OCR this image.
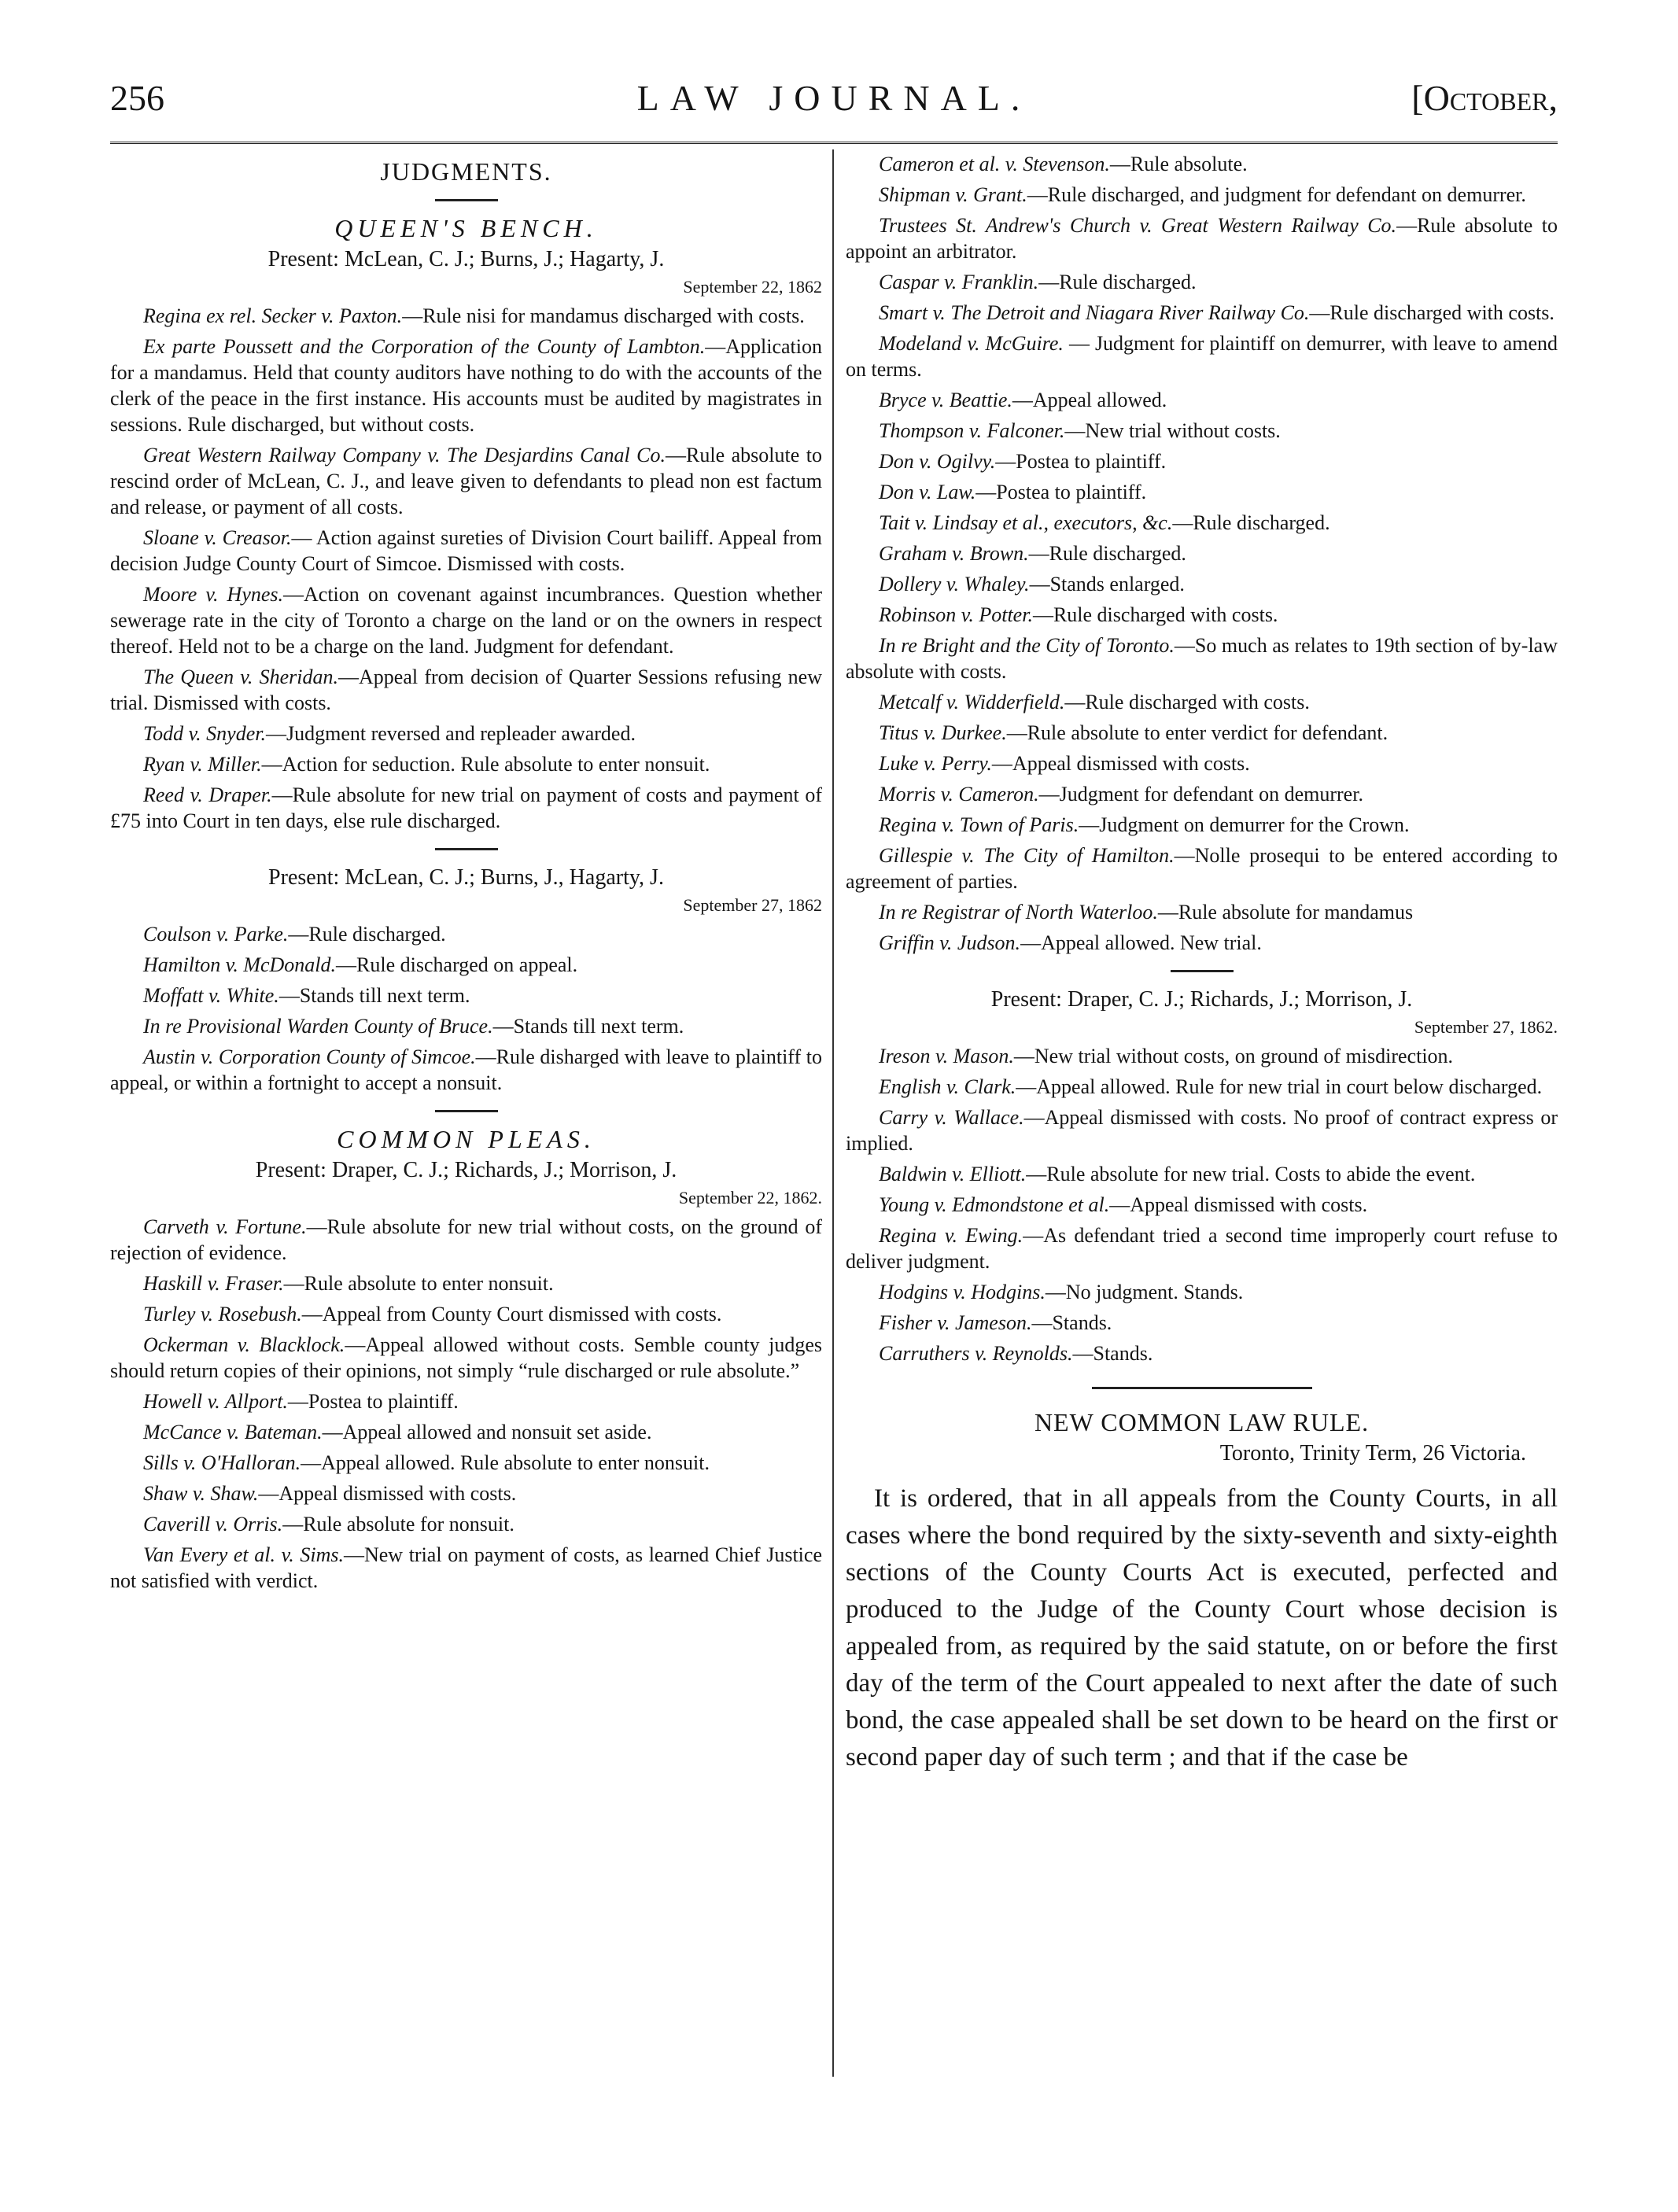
256	LAW JOURNAL.	[October,
JUDGMENTS.
QUEEN'S BENCH.
Present: McLean, C. J.; Burns, J.; Hagarty, J.
September 22, 1862

Regina ex rel. Secker v. Paxton.—Rule nisi for mandamus discharged with costs.

Ex parte Poussett and the Corporation of the County of Lambton.—Application for a mandamus. Held that county auditors have nothing to do with the accounts of the clerk of the peace in the first instance. His accounts must be audited by magistrates in sessions. Rule discharged, but without costs.

Great Western Railway Company v. The Desjardins Canal Co.—Rule absolute to rescind order of McLean, C. J., and leave given to defendants to plead non est factum and release, or payment of all costs.

Sloane v. Creasor.— Action against sureties of Division Court bailiff. Appeal from decision Judge County Court of Simcoe. Dismissed with costs.

Moore v. Hynes.—Action on covenant against incumbrances. Question whether sewerage rate in the city of Toronto a charge on the land or on the owners in respect thereof. Held not to be a charge on the land. Judgment for defendant.

The Queen v. Sheridan.—Appeal from decision of Quarter Sessions refusing new trial. Dismissed with costs.

Todd v. Snyder.—Judgment reversed and repleader awarded.

Ryan v. Miller.—Action for seduction. Rule absolute to enter nonsuit.

Reed v. Draper.—Rule absolute for new trial on payment of costs and payment of £75 into Court in ten days, else rule discharged.

Present: McLean, C. J.; Burns, J., Hagarty, J.
September 27, 1862

Coulson v. Parke.—Rule discharged.

Hamilton v. McDonald.—Rule discharged on appeal.

Moffatt v. White.—Stands till next term.

In re Provisional Warden County of Bruce.—Stands till next term.

Austin v. Corporation County of Simcoe.—Rule disharged with leave to plaintiff to appeal, or within a fortnight to accept a nonsuit.

COMMON PLEAS.
Present: Draper, C. J.; Richards, J.; Morrison, J.
September 22, 1862.

Carveth v. Fortune.—Rule absolute for new trial without costs, on the ground of rejection of evidence.

Haskill v. Fraser.—Rule absolute to enter nonsuit.

Turley v. Rosebush.—Appeal from County Court dismissed with costs.

Ockerman v. Blacklock.—Appeal allowed without costs. Semble county judges should return copies of their opinions, not simply “rule discharged or rule absolute.”

Howell v. Allport.—Postea to plaintiff.

McCance v. Bateman.—Appeal allowed and nonsuit set aside.

Sills v. O'Halloran.—Appeal allowed. Rule absolute to enter nonsuit.

Shaw v. Shaw.—Appeal dismissed with costs.

Caverill v. Orris.—Rule absolute for nonsuit.

Van Every et al. v. Sims.—New trial on payment of costs, as learned Chief Justice not satisfied with verdict.

Cameron et al. v. Stevenson.—Rule absolute.

Shipman v. Grant.—Rule discharged, and judgment for defendant on demurrer.

Trustees St. Andrew's Church v. Great Western Railway Co.—Rule absolute to appoint an arbitrator.

Caspar v. Franklin.—Rule discharged.

Smart v. The Detroit and Niagara River Railway Co.—Rule discharged with costs.

Modeland v. McGuire. — Judgment for plaintiff on demurrer, with leave to amend on terms.

Bryce v. Beattie.—Appeal allowed.

Thompson v. Falconer.—New trial without costs.

Don v. Ogilvy.—Postea to plaintiff.

Don v. Law.—Postea to plaintiff.

Tait v. Lindsay et al., executors, &c.—Rule discharged.

Graham v. Brown.—Rule discharged.

Dollery v. Whaley.—Stands enlarged.

Robinson v. Potter.—Rule discharged with costs.

In re Bright and the City of Toronto.—So much as relates to 19th section of by-law absolute with costs.

Metcalf v. Widderfield.—Rule discharged with costs.

Titus v. Durkee.—Rule absolute to enter verdict for defendant.

Luke v. Perry.—Appeal dismissed with costs.

Morris v. Cameron.—Judgment for defendant on demurrer.

Regina v. Town of Paris.—Judgment on demurrer for the Crown.

Gillespie v. The City of Hamilton.—Nolle prosequi to be entered according to agreement of parties.

In re Registrar of North Waterloo.—Rule absolute for mandamus

Griffin v. Judson.—Appeal allowed. New trial.

Present: Draper, C. J.; Richards, J.; Morrison, J.
September 27, 1862.

Ireson v. Mason.—New trial without costs, on ground of misdirection.

English v. Clark.—Appeal allowed. Rule for new trial in court below discharged.

Carry v. Wallace.—Appeal dismissed with costs. No proof of contract express or implied.

Baldwin v. Elliott.—Rule absolute for new trial. Costs to abide the event.

Young v. Edmondstone et al.—Appeal dismissed with costs.

Regina v. Ewing.—As defendant tried a second time improperly court refuse to deliver judgment.

Hodgins v. Hodgins.—No judgment. Stands.

Fisher v. Jameson.—Stands.

Carruthers v. Reynolds.—Stands.

NEW COMMON LAW RULE.
Toronto, Trinity Term, 26 Victoria.

It is ordered, that in all appeals from the County Courts, in all cases where the bond required by the sixty-seventh and sixty-eighth sections of the County Courts Act is executed, perfected and produced to the Judge of the County Court whose decision is appealed from, as required by the said statute, on or before the first day of the term of the Court appealed to next after the date of such bond, the case appealed shall be set down to be heard on the first or second paper day of such term ; and that if the case be
